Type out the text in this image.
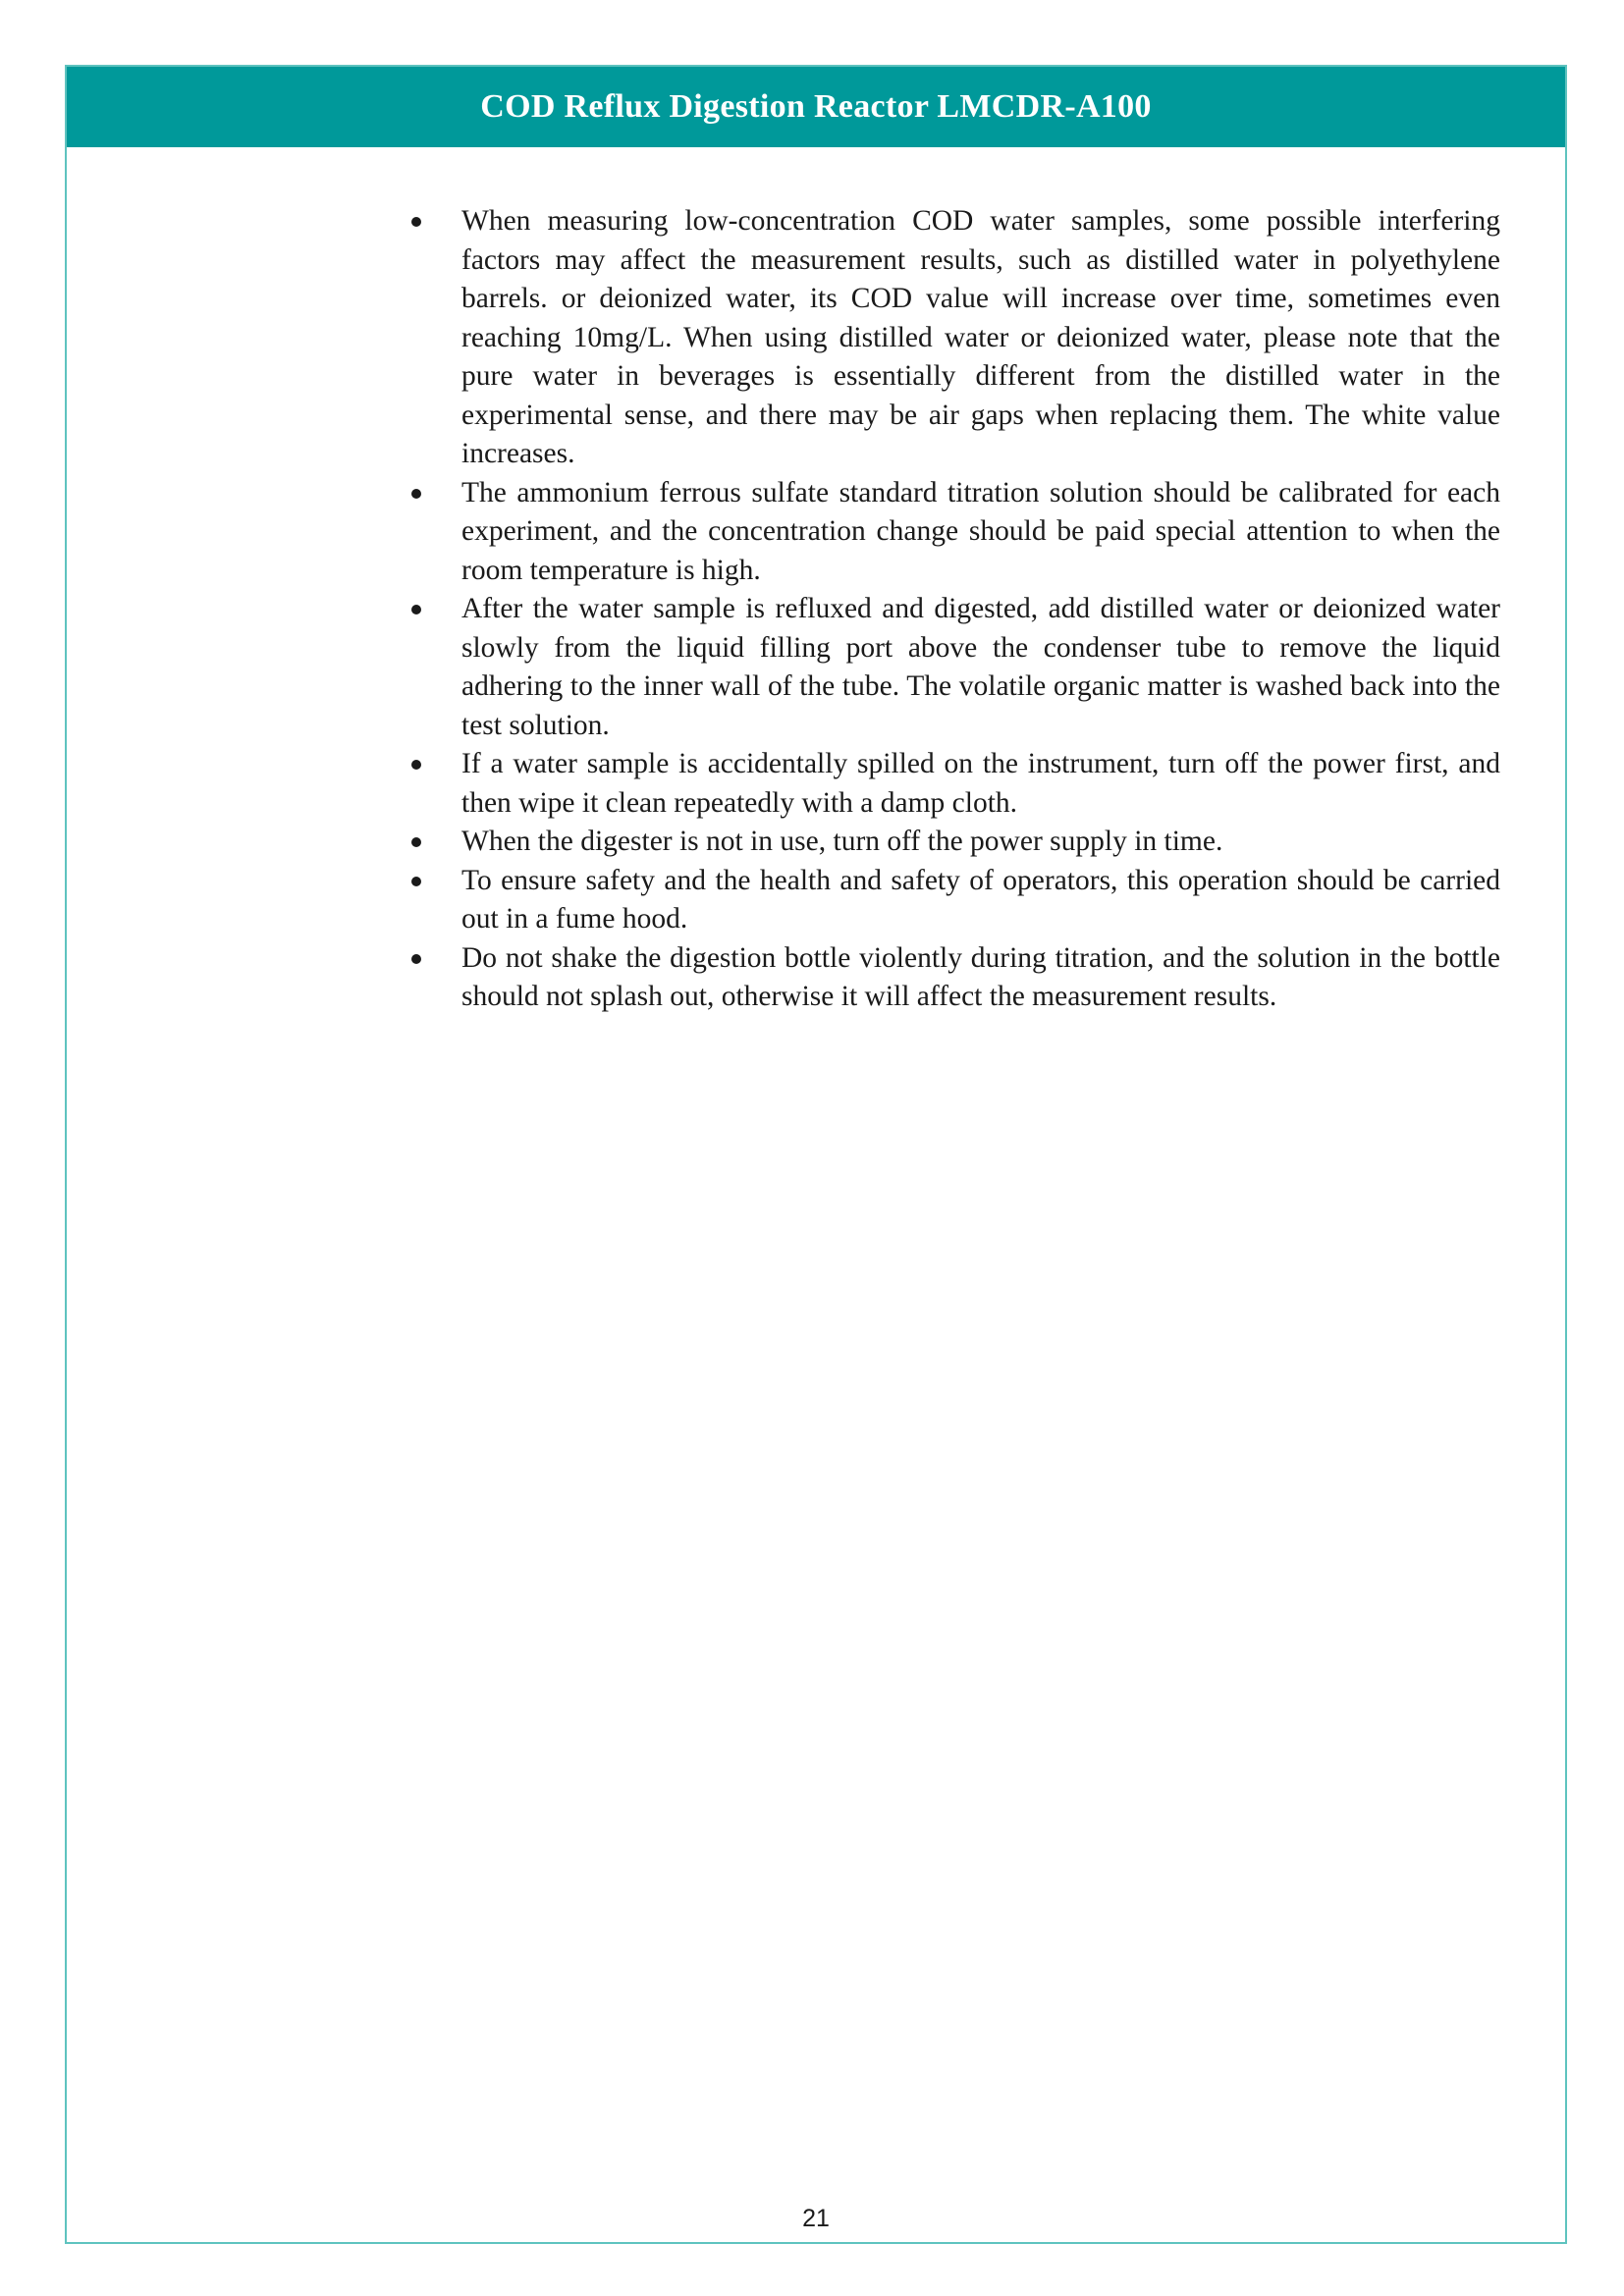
COD Reflux Digestion Reactor LMCDR-A100
When measuring low-concentration COD water samples, some possible interfering factors may affect the measurement results, such as distilled water in polyethylene barrels. or deionized water, its COD value will increase over time, sometimes even reaching 10mg/L. When using distilled water or deionized water, please note that the pure water in beverages is essentially different from the distilled water in the experimental sense, and there may be air gaps when replacing them. The white value increases.
The ammonium ferrous sulfate standard titration solution should be calibrated for each experiment, and the concentration change should be paid special attention to when the room temperature is high.
After the water sample is refluxed and digested, add distilled water or deionized water slowly from the liquid filling port above the condenser tube to remove the liquid adhering to the inner wall of the tube. The volatile organic matter is washed back into the test solution.
If a water sample is accidentally spilled on the instrument, turn off the power first, and then wipe it clean repeatedly with a damp cloth.
When the digester is not in use, turn off the power supply in time.
To ensure safety and the health and safety of operators, this operation should be carried out in a fume hood.
Do not shake the digestion bottle violently during titration, and the solution in the bottle should not splash out, otherwise it will affect the measurement results.
21
